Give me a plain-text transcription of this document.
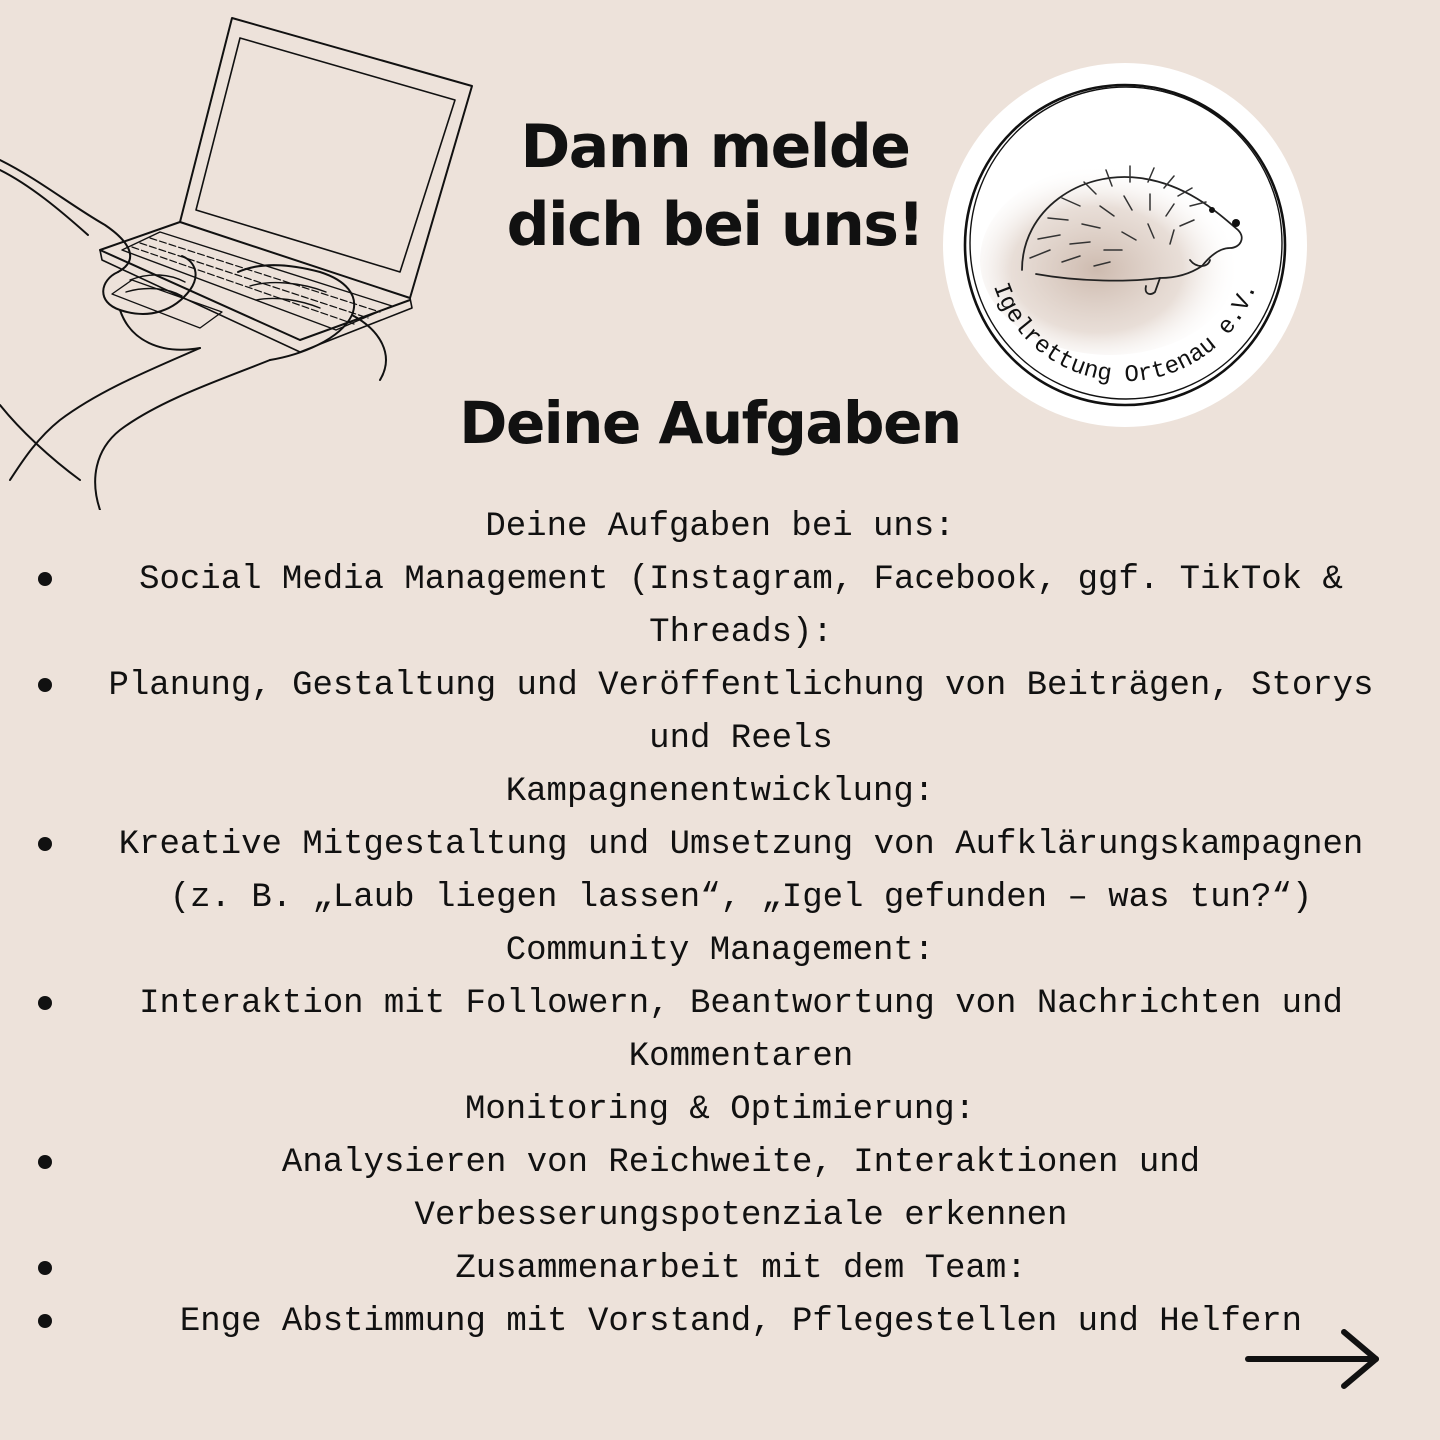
Dann melde
dich bei uns!
Igelrettung Ortenau e.V.
Deine Aufgaben
Deine Aufgaben bei uns:
Social Media Management (Instagram, Facebook, ggf. TikTok & Threads):
Planung, Gestaltung und Veröffentlichung von Beiträgen, Storys und Reels
Kampagnenentwicklung:
Kreative Mitgestaltung und Umsetzung von Aufklärungskampagnen (z. B. „Laub liegen lassen“, „Igel gefunden – was tun?“)
Community Management:
Interaktion mit Followern, Beantwortung von Nachrichten und Kommentaren
Monitoring & Optimierung:
Analysieren von Reichweite, Interaktionen und Verbesserungspotenziale erkennen
Zusammenarbeit mit dem Team:
Enge Abstimmung mit Vorstand, Pflegestellen und Helfern
